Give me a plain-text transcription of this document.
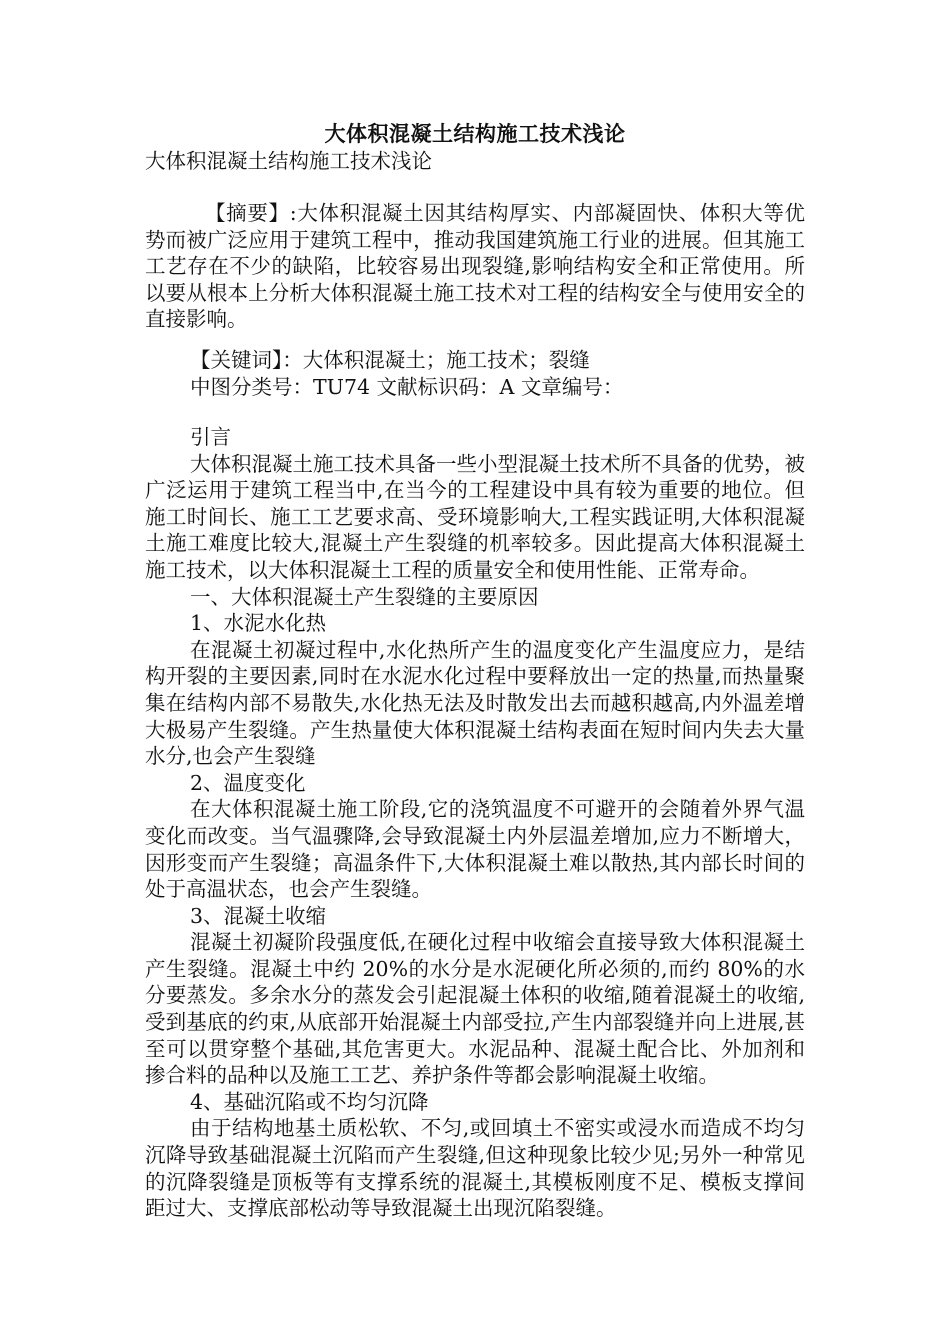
大体积混凝土结构施工技术浅论

大体积混凝土结构施工技术浅论

【摘要】:大体积混凝土因其结构厚实、内部凝固快、体积大等优势而被广泛应用于建筑工程中，推动我国建筑施工行业的进展。但其施工工艺存在不少的缺陷，比较容易出现裂缝,影响结构安全和正常使用。所以要从根本上分析大体积混凝土施工技术对工程的结构安全与使用安全的直接影响。

【关键词】：大体积混凝土；施工技术；裂缝

中图分类号：TU74 文献标识码：A 文章编号：

引言

大体积混凝土施工技术具备一些小型混凝土技术所不具备的优势，被广泛运用于建筑工程当中,在当今的工程建设中具有较为重要的地位。但施工时间长、施工工艺要求高、受环境影响大,工程实践证明,大体积混凝土施工难度比较大,混凝土产生裂缝的机率较多。因此提高大体积混凝土施工技术，以大体积混凝土工程的质量安全和使用性能、正常寿命。

一、大体积混凝土产生裂缝的主要原因

1、水泥水化热

在混凝土初凝过程中,水化热所产生的温度变化产生温度应力，是结构开裂的主要因素,同时在水泥水化过程中要释放出一定的热量,而热量聚集在结构内部不易散失,水化热无法及时散发出去而越积越高,内外温差增大极易产生裂缝。产生热量使大体积混凝土结构表面在短时间内失去大量水分,也会产生裂缝

2、温度变化

在大体积混凝土施工阶段,它的浇筑温度不可避开的会随着外界气温变化而改变。当气温骤降,会导致混凝土内外层温差增加,应力不断增大，因形变而产生裂缝；高温条件下,大体积混凝土难以散热,其内部长时间的处于高温状态，也会产生裂缝。

3、混凝土收缩

混凝土初凝阶段强度低,在硬化过程中收缩会直接导致大体积混凝土产生裂缝。混凝土中约 20%的水分是水泥硬化所必须的,而约 80%的水分要蒸发。多余水分的蒸发会引起混凝土体积的收缩,随着混凝土的收缩,受到基底的约束,从底部开始混凝土内部受拉,产生内部裂缝并向上进展,甚至可以贯穿整个基础,其危害更大。水泥品种、混凝土配合比、外加剂和掺合料的品种以及施工工艺、养护条件等都会影响混凝土收缩。

4、基础沉陷或不均匀沉降

由于结构地基土质松软、不匀,或回填土不密实或浸水而造成不均匀沉降导致基础混凝土沉陷而产生裂缝,但这种现象比较少见;另外一种常见的沉降裂缝是顶板等有支撑系统的混凝土,其模板刚度不足、模板支撑间距过大、支撑底部松动等导致混凝土出现沉陷裂缝。
